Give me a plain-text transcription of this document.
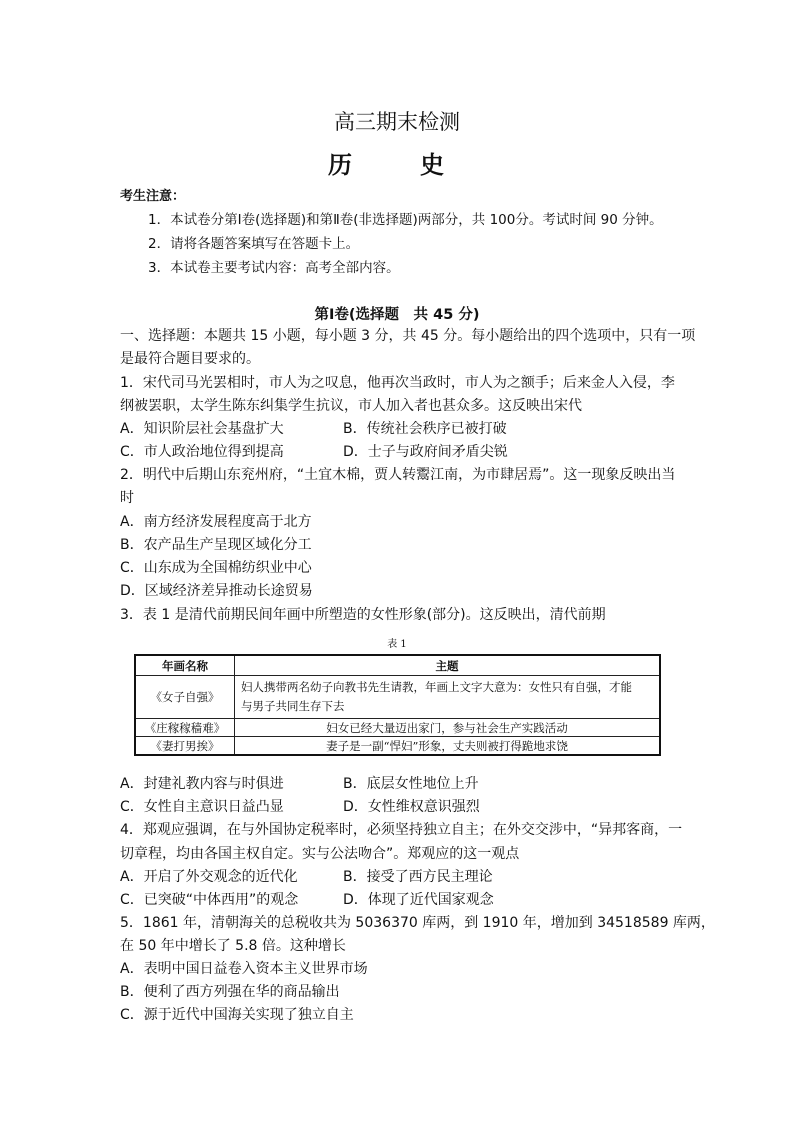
高三期末检测
历　史
考生注意：
1．本试卷分第Ⅰ卷(选择题)和第Ⅱ卷(非选择题)两部分，共 100分。考试时间 90 分钟。
2．请将各题答案填写在答题卡上。
3．本试卷主要考试内容：高考全部内容。
第Ⅰ卷(选择题　共 45 分)
一、选择题：本题共 15 小题，每小题 3 分，共 45 分。每小题给出的四个选项中，只有一项
是最符合题目要求的。
1．宋代司马光罢相时，市人为之叹息，他再次当政时，市人为之额手；后来金人入侵，李
纲被罢职，太学生陈东纠集学生抗议，市人加入者也甚众多。这反映出宋代
A．知识阶层社会基盘扩大	B．传统社会秩序已被打破
C．市人政治地位得到提高	D．士子与政府间矛盾尖锐
2．明代中后期山东兖州府，“土宜木棉，贾人转鬻江南，为市肆居焉”。这一现象反映出当
时
A．南方经济发展程度高于北方
B．农产品生产呈现区域化分工
C．山东成为全国棉纺织业中心
D．区域经济差异推动长途贸易
3．表 1 是清代前期民间年画中所塑造的女性形象(部分)。这反映出，清代前期
表 1
年画名称	主题
《女子自强》	妇人携带两名幼子向教书先生请教，年画上文字大意为：女性只有自强，才能
与男子共同生存下去

《庄稼稼穑难》	妇女已经大量迈出家门，参与社会生产实践活动
《妻打男挨》	妻子是一副“悍妇”形象，丈夫则被打得跪地求饶
A．封建礼教内容与时俱进	B．底层女性地位上升
C．女性自主意识日益凸显	D．女性维权意识强烈
4．郑观应强调，在与外国协定税率时，必须坚持独立自主；在外交交涉中，“异邦客商，一
切章程，均由各国主权自定。实与公法吻合”。郑观应的这一观点
A．开启了外交观念的近代化	B．接受了西方民主理论
C．已突破“中体西用”的观念	D．体现了近代国家观念
5．1861 年，清朝海关的总税收共为 5036370 库两，到 1910 年，增加到 34518589 库两，
在 50 年中增长了 5.8 倍。这种增长
A．表明中国日益卷入资本主义世界市场
B．便利了西方列强在华的商品输出
C．源于近代中国海关实现了独立自主
